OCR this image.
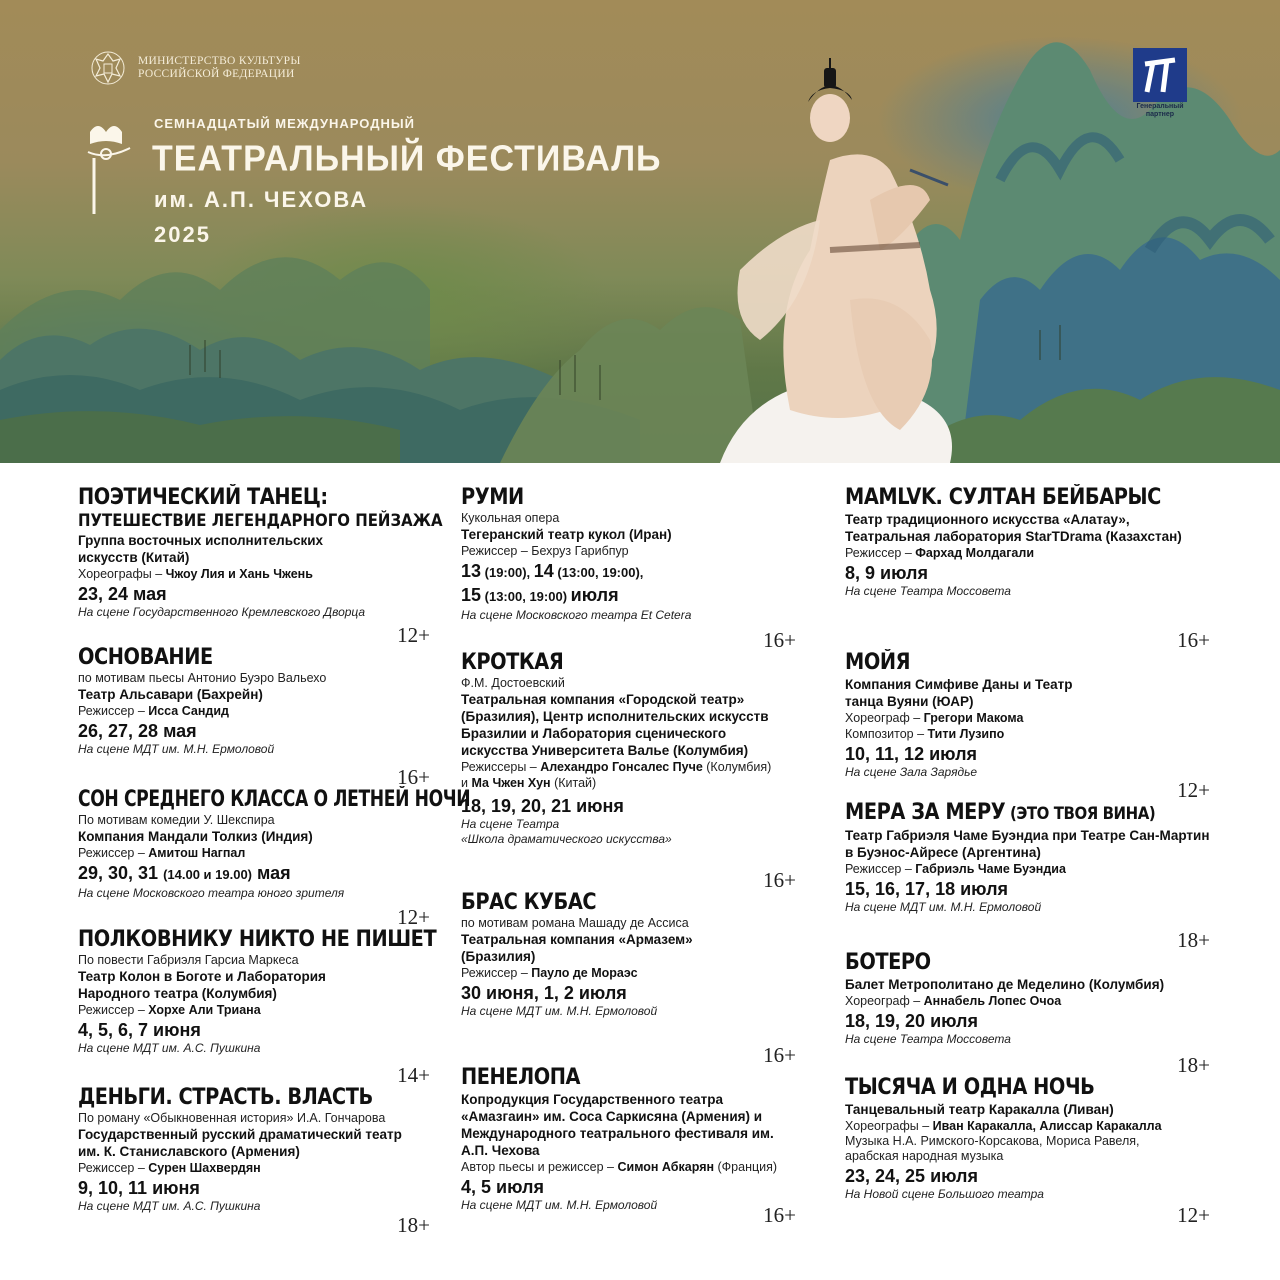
МИНИСТЕРСТВО КУЛЬТУРЫ
РОССИЙСКОЙ ФЕДЕРАЦИИ
СЕМНАДЦАТЫЙ МЕЖДУНАРОДНЫЙ
ТЕАТРАЛЬНЫЙ ФЕСТИВАЛЬ
им. А.П. ЧЕХОВА
2025
Генеральный партнер
ПОЭТИЧЕСКИЙ ТАНЕЦ:
ПУТЕШЕСТВИЕ ЛЕГЕНДАРНОГО ПЕЙЗАЖА
Группа восточных исполнительских искусств (Китай)
Хореографы – Чжоу Лия и Хань Чжень
23, 24 мая
На сцене Государственного Кремлевского Дворца
12+
ОСНОВАНИЕ
по мотивам пьесы Антонио Буэро Вальехо
Театр Альсавари (Бахрейн)
Режиссер – Исса Сандид
26, 27, 28 мая
На сцене МДТ им. М.Н. Ермоловой
16+
СОН СРЕДНЕГО КЛАССА О ЛЕТНЕЙ НОЧИ
По мотивам комедии У. Шекспира
Компания Мандали Толкиз (Индия)
Режиссер – Амитош Нагпал
29, 30, 31 (14.00 и 19.00) мая
На сцене Московского театра юного зрителя
12+
ПОЛКОВНИКУ НИКТО НЕ ПИШЕТ
По повести Габриэля Гарсиа Маркеса
Театр Колон в Боготе и Лаборатория Народного театра (Колумбия)
Режиссер – Хорхе Али Триана
4, 5, 6, 7 июня
На сцене МДТ им. А.С. Пушкина
14+
ДЕНЬГИ. СТРАСТЬ. ВЛАСТЬ
По роману «Обыкновенная история» И.А. Гончарова
Государственный русский драматический театр им. К. Станиславского (Армения)
Режиссер – Сурен Шахвердян
9, 10, 11 июня
На сцене МДТ им. А.С. Пушкина
18+
РУМИ
Кукольная опера
Тегеранский театр кукол (Иран)
Режиссер – Бехруз Гарибпур
13 (19:00), 14 (13:00, 19:00),
15 (13:00, 19:00) июля
На сцене Московского театра Et Cetera
16+
КРОТКАЯ
Ф.М. Достоевский
Театральная компания «Городской театр» (Бразилия), Центр исполнительских искусств Бразилии и Лаборатория сценического искусства Университета Валье (Колумбия)
Режиссеры – Алехандро Гонсалес Пуче (Колумбия)
и Ма Чжен Хун (Китай)
18, 19, 20, 21 июня
На сцене Театра
«Школа драматического искусства»
16+
БРАС КУБАС
по мотивам романа Машаду де Ассиса
Театральная компания «Армазем» (Бразилия)
Режиссер – Пауло де Мораэс
30 июня, 1, 2 июля
На сцене МДТ им. М.Н. Ермоловой
16+
ПЕНЕЛОПА
Копродукция Государственного театра «Амазгаин» им. Соса Саркисяна (Армения) и Международного театрального фестиваля им. А.П. Чехова
Автор пьесы и режиссер – Симон Абкарян (Франция)
4, 5 июля
На сцене МДТ им. М.Н. Ермоловой	16+
MAMLVK. СУЛТАН БЕЙБАРЫС
Театр традиционного искусства «Алатау», Театральная лаборатория StarTDrama (Казахстан)
Режиссер – Фархад Молдагали
8, 9 июля
На сцене Театра Моссовета
16+
МОЙЯ
Компания Симфиве Даны и Театр танца Вуяни (ЮАР)
Хореограф – Грегори Макома
Композитор – Тити Лузипо
10, 11, 12 июля
На сцене Зала Зарядье
12+
МЕРА ЗА МЕРУ (ЭТО ТВОЯ ВИНА)
Театр Габриэля Чаме Буэндиа при Театре Сан-Мартин в Буэнос-Айресе (Аргентина)
Режиссер – Габриэль Чаме Буэндиа
15, 16, 17, 18 июля
На сцене МДТ им. М.Н. Ермоловой
18+
БОТЕРО
Балет Метрополитано де Меделино (Колумбия)
Хореограф – Аннабель Лопес Очоа
18, 19, 20 июля
На сцене Театра Моссовета
18+
ТЫСЯЧА И ОДНА НОЧЬ
Танцевальный театр Каракалла (Ливан)
Хореографы – Иван Каракалла, Алиссар Каракалла
Музыка Н.А. Римского-Корсакова, Мориса Равеля, арабская народная музыка
23, 24, 25 июля
На Новой сцене Большого театра
12+
